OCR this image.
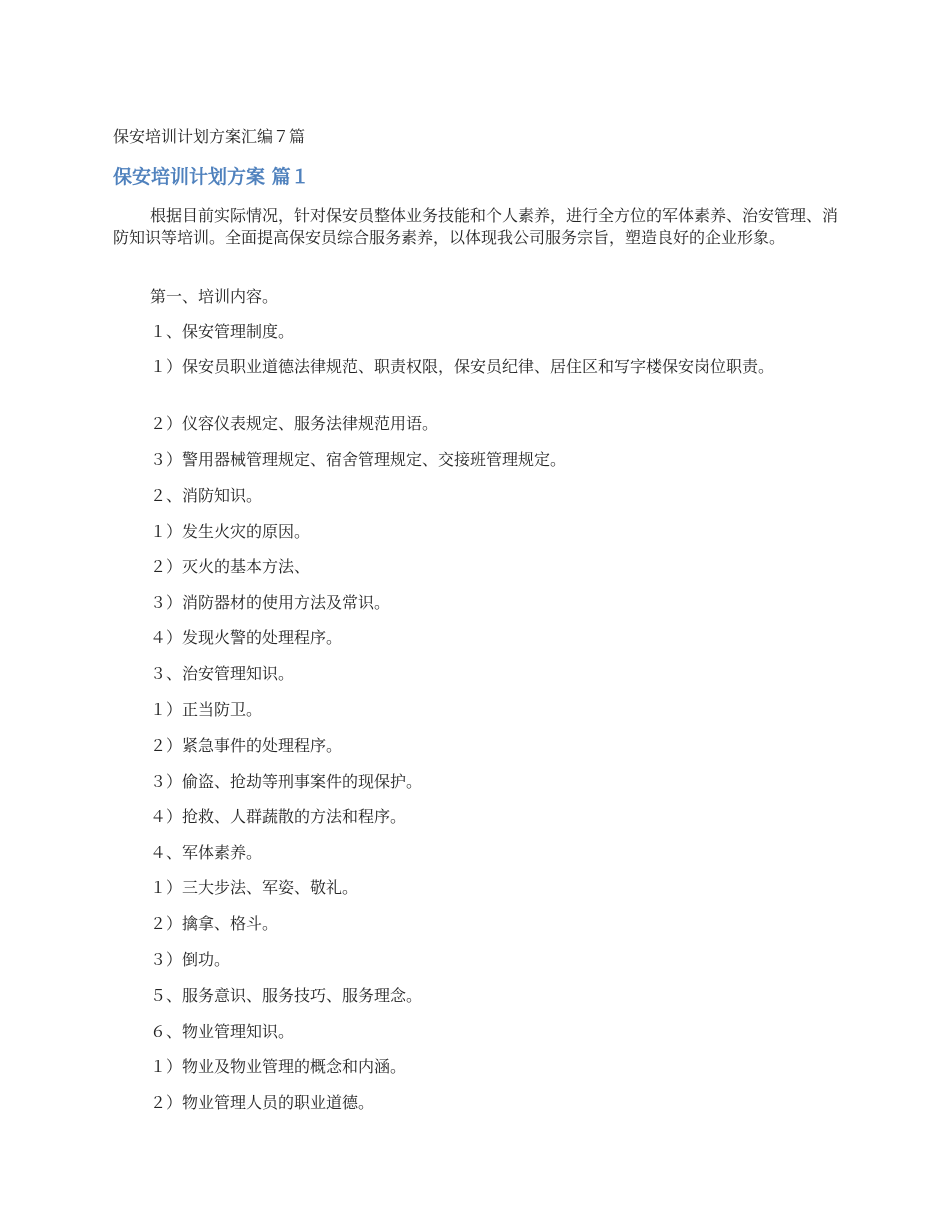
保安培训计划方案汇编７篇
保安培训计划方案 篇１

根据目前实际情况，针对保安员整体业务技能和个人素养，进行全方位的军体素养、治安管理、消防知识等培训。全面提高保安员综合服务素养，以体现我公司服务宗旨，塑造良好的企业形象。

第一、培训内容。

１、保安管理制度。

１）保安员职业道德法律规范、职责权限，保安员纪律、居住区和写字楼保安岗位职责。

２）仪容仪表规定、服务法律规范用语。

３）警用器械管理规定、宿舍管理规定、交接班管理规定。

２、消防知识。

１）发生火灾的原因。

２）灭火的基本方法、

３）消防器材的使用方法及常识。

４）发现火警的处理程序。

３、治安管理知识。

１）正当防卫。

２）紧急事件的处理程序。

３）偷盗、抢劫等刑事案件的现保护。

４）抢救、人群蔬散的方法和程序。

４、军体素养。

１）三大步法、军姿、敬礼。

２）擒拿、格斗。

３）倒功。

５、服务意识、服务技巧、服务理念。

６、物业管理知识。

１）物业及物业管理的概念和内涵。

２）物业管理人员的职业道德。
